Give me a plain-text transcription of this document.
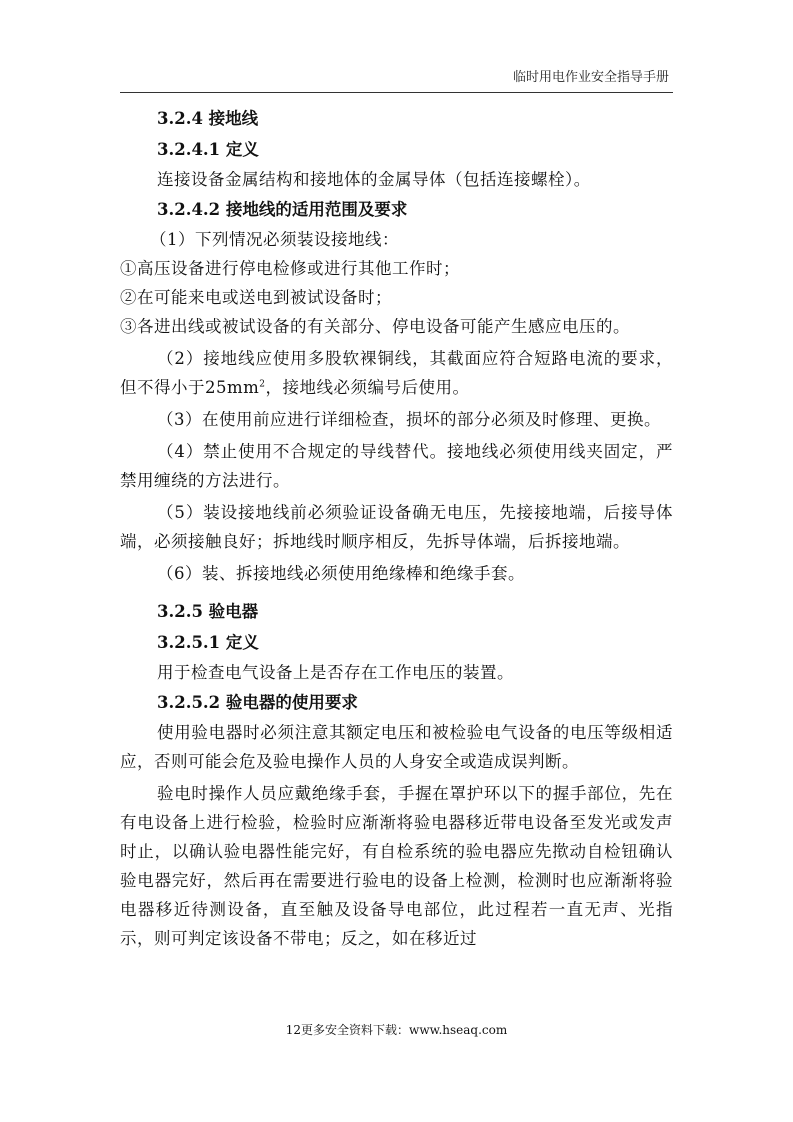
临时用电作业安全指导手册
3.2.4 接地线
3.2.4.1 定义
连接设备金属结构和接地体的金属导体（包括连接螺栓）。
3.2.4.2 接地线的适用范围及要求
（1）下列情况必须装设接地线：
①高压设备进行停电检修或进行其他工作时；
②在可能来电或送电到被试设备时；
③各进出线或被试设备的有关部分、停电设备可能产生感应电压的。
（2）接地线应使用多股软裸铜线，其截面应符合短路电流的要求，但不得小于$25mm^2$，接地线必须编号后使用。
（3）在使用前应进行详细检查，损坏的部分必须及时修理、更换。
（4）禁止使用不合规定的导线替代。接地线必须使用线夹固定，严禁用缠绕的方法进行。
（5）装设接地线前必须验证设备确无电压，先接接地端，后接导体端，必须接触良好；拆地线时顺序相反，先拆导体端，后拆接地端。
（6）装、拆接地线必须使用绝缘棒和绝缘手套。
3.2.5 验电器
3.2.5.1 定义
用于检查电气设备上是否存在工作电压的装置。
3.2.5.2 验电器的使用要求
使用验电器时必须注意其额定电压和被检验电气设备的电压等级相适应，否则可能会危及验电操作人员的人身安全或造成误判断。
验电时操作人员应戴绝缘手套，手握在罩护环以下的握手部位，先在有电设备上进行检验，检验时应渐渐将验电器移近带电设备至发光或发声时止，以确认验电器性能完好，有自检系统的验电器应先揿动自检钮确认验电器完好，然后再在需要进行验电的设备上检测，检测时也应渐渐将验电器移近待测设备，直至触及设备导电部位，此过程若一直无声、光指示，则可判定该设备不带电；反之，如在移近过
12更多安全资料下载：www.hseaq.com
